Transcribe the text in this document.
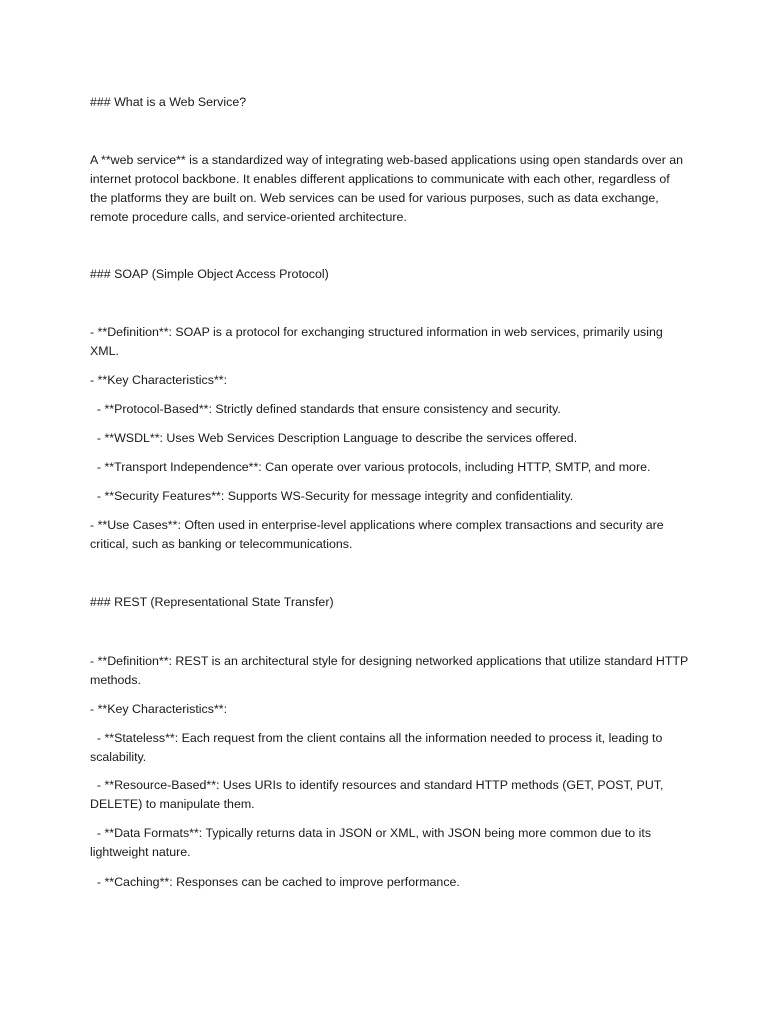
### What is a Web Service?

A **web service** is a standardized way of integrating web-based applications using open standards over an internet protocol backbone. It enables different applications to communicate with each other, regardless of the platforms they are built on. Web services can be used for various purposes, such as data exchange, remote procedure calls, and service-oriented architecture.

### SOAP (Simple Object Access Protocol)

- **Definition**: SOAP is a protocol for exchanging structured information in web services, primarily using XML.

- **Key Characteristics**:

- **Protocol-Based**: Strictly defined standards that ensure consistency and security.

- **WSDL**: Uses Web Services Description Language to describe the services offered.

- **Transport Independence**: Can operate over various protocols, including HTTP, SMTP, and more.

- **Security Features**: Supports WS-Security for message integrity and confidentiality.

- **Use Cases**: Often used in enterprise-level applications where complex transactions and security are critical, such as banking or telecommunications.

### REST (Representational State Transfer)

- **Definition**: REST is an architectural style for designing networked applications that utilize standard HTTP methods.

- **Key Characteristics**:

- **Stateless**: Each request from the client contains all the information needed to process it, leading to scalability.

- **Resource-Based**: Uses URIs to identify resources and standard HTTP methods (GET, POST, PUT, DELETE) to manipulate them.

- **Data Formats**: Typically returns data in JSON or XML, with JSON being more common due to its lightweight nature.

- **Caching**: Responses can be cached to improve performance.
